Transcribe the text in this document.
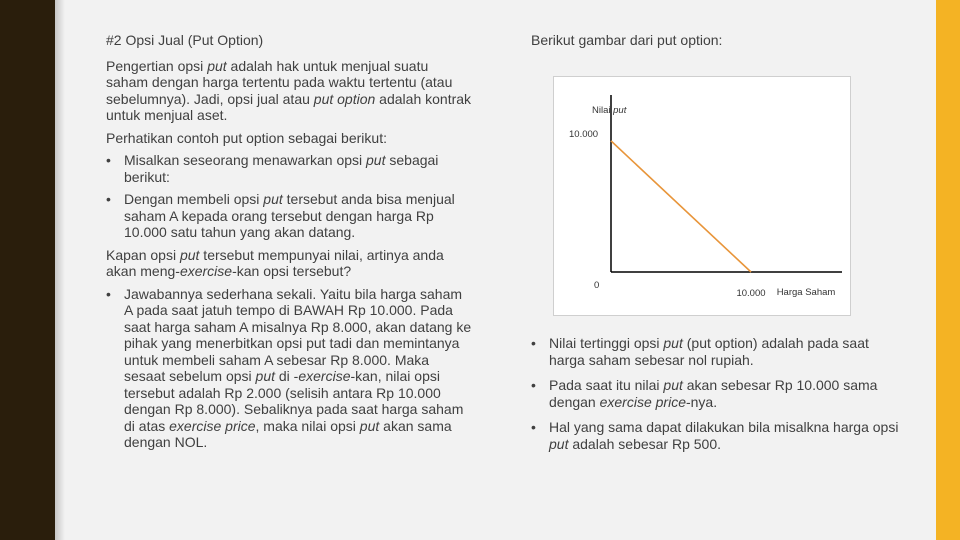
#2 Opsi Jual (Put Option)

Pengertian opsi put adalah hak untuk menjual suatu saham dengan harga tertentu pada waktu tertentu (atau sebelumnya). Jadi, opsi jual atau put option adalah kontrak untuk menjual aset.

Perhatikan contoh put option sebagai berikut:

• Misalkan seseorang menawarkan opsi put sebagai berikut:
• Dengan membeli opsi put tersebut anda bisa menjual saham A kepada orang tersebut dengan harga Rp 10.000 satu tahun yang akan datang.

Kapan opsi put tersebut mempunyai nilai, artinya anda akan meng-exercise-kan opsi tersebut?

• Jawabannya sederhana sekali. Yaitu bila harga saham A pada saat jatuh tempo di BAWAH Rp 10.000. Pada saat harga saham A misalnya Rp 8.000, akan datang ke pihak yang menerbitkan opsi put tadi dan memintanya untuk membeli saham A sebesar Rp 8.000. Maka sesaat sebelum opsi put di -exercise-kan, nilai opsi tersebut adalah Rp 2.000 (selisih antara Rp 10.000 dengan Rp 8.000). Sebaliknya pada saat harga saham di atas exercise price, maka nilai opsi put akan sama dengan NOL.

Berikut gambar dari put option:

Nilai put
10.000
10.000
0
Harga Saham
• Nilai tertinggi opsi put (put option) adalah pada saat harga saham sebesar nol rupiah.
• Pada saat itu nilai put akan sebesar Rp 10.000 sama dengan exercise price-nya.
• Hal yang sama dapat dilakukan bila misalkna harga opsi put adalah sebesar Rp 500.
